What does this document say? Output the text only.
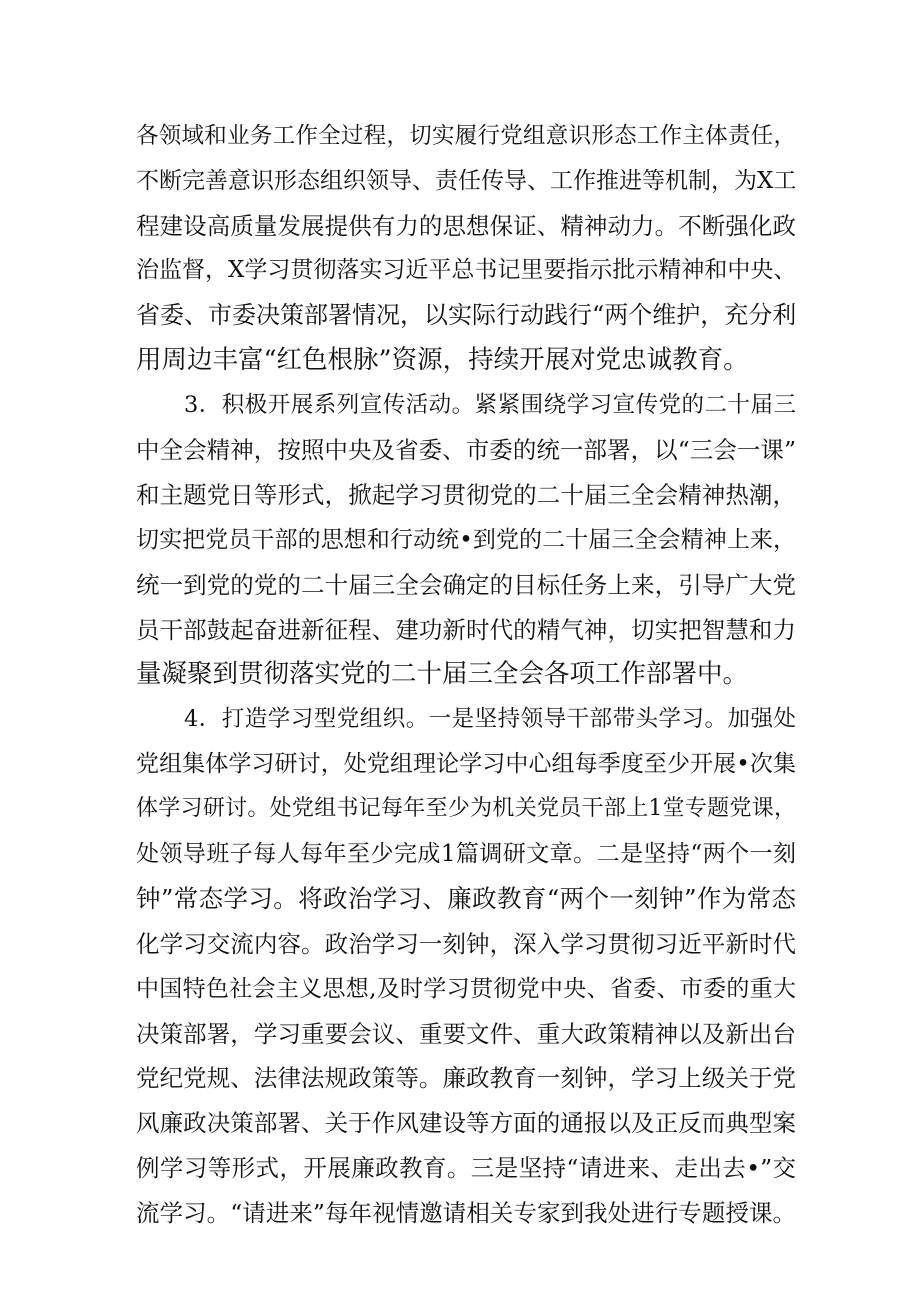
各领域和业务工作全过程，切实履行党组意识形态工作主体责任，
不断完善意识形态组织领导、责任传导、工作推进等机制，为X工
程建设高质量发展提供有力的思想保证、精神动力。不断强化政
治监督，X学习贯彻落实习近平总书记里要指示批示精神和中央、
省委、市委决策部署情况，以实际行动践行“两个维护，充分利
用周边丰富“红色根脉”资源，持续开展对党忠诚教育。
3．积极开展系列宣传活动。紧紧围绕学习宣传党的二十届三
中全会精神，按照中央及省委、市委的统一部署，以“三会一课”
和主题党日等形式，掀起学习贯彻党的二十届三全会精神热潮，
切实把党员干部的思想和行动统•到党的二十届三全会精神上来，
统一到党的党的二十届三全会确定的目标任务上来，引导广大党
员干部鼓起奋进新征程、建功新时代的精气神，切实把智慧和力
量凝聚到贯彻落实党的二十届三全会各项工作部署中。
4．打造学习型党组织。一是坚持领导干部带头学习。加强处
党组集体学习研讨，处党组理论学习中心组每季度至少开展•次集
体学习研讨。处党组书记每年至少为机关党员干部上1堂专题党课，
处领导班子每人每年至少完成1篇调研文章。二是坚持“两个一刻
钟”常态学习。将政治学习、廉政教育“两个一刻钟”作为常态
化学习交流内容。政治学习一刻钟，深入学习贯彻习近平新时代
中国特色社会主义思想,及时学习贯彻党中央、省委、市委的重大
决策部署，学习重要会议、重要文件、重大政策精神以及新出台
党纪党规、法律法规政策等。廉政教育一刻钟，学习上级关于党
风廉政决策部署、关于作风建设等方面的通报以及正反而典型案
例学习等形式，开展廉政教育。三是坚持“请进来、走出去•”交
流学习。“请进来”每年视情邀请相关专家到我处进行专题授课。
